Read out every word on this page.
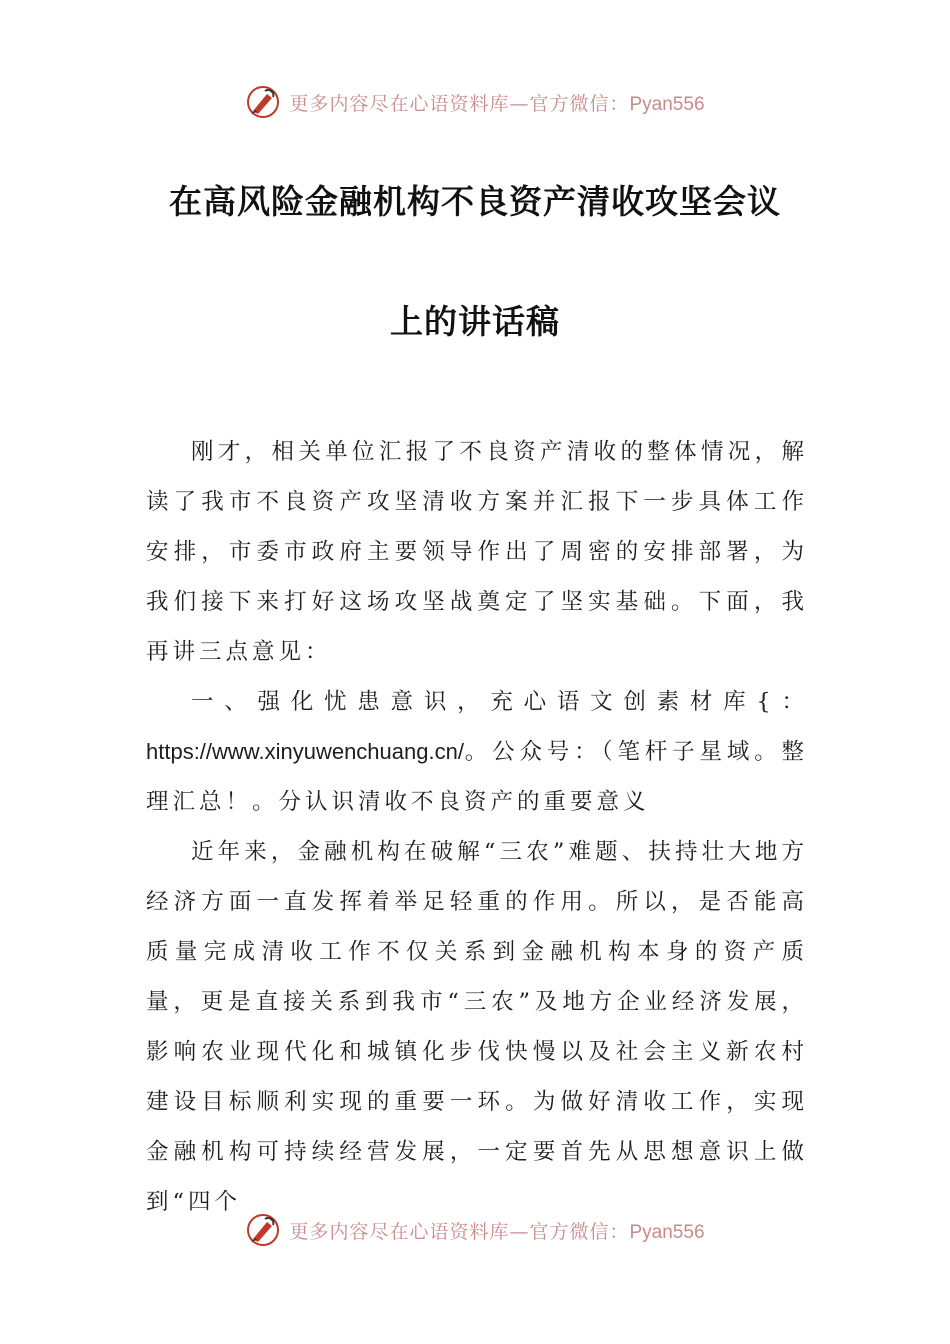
更多内容尽在心语资料库—官方微信：Pyan556
在高风险金融机构不良资产清收攻坚会议
上的讲话稿

刚才，相关单位汇报了不良资产清收的整体情况，解读了我市不良资产攻坚清收方案并汇报下一步具体工作安排，市委市政府主要领导作出了周密的安排部署，为我们接下来打好这场攻坚战奠定了坚实基础。下面，我再讲三点意见：

一、强化忧患意识，充心语文创素材库{：https://www.xinyuwenchuang.cn/。公众号：（笔杆子星域。整理汇总！。分认识清收不良资产的重要意义

近年来，金融机构在破解“三农”难题、扶持壮大地方经济方面一直发挥着举足轻重的作用。所以，是否能高质量完成清收工作不仅关系到金融机构本身的资产质量，更是直接关系到我市“三农”及地方企业经济发展，影响农业现代化和城镇化步伐快慢以及社会主义新农村建设目标顺利实现的重要一环。为做好清收工作，实现金融机构可持续经营发展，一定要首先从思想意识上做到“四个

更多内容尽在心语资料库—官方微信：Pyan556
